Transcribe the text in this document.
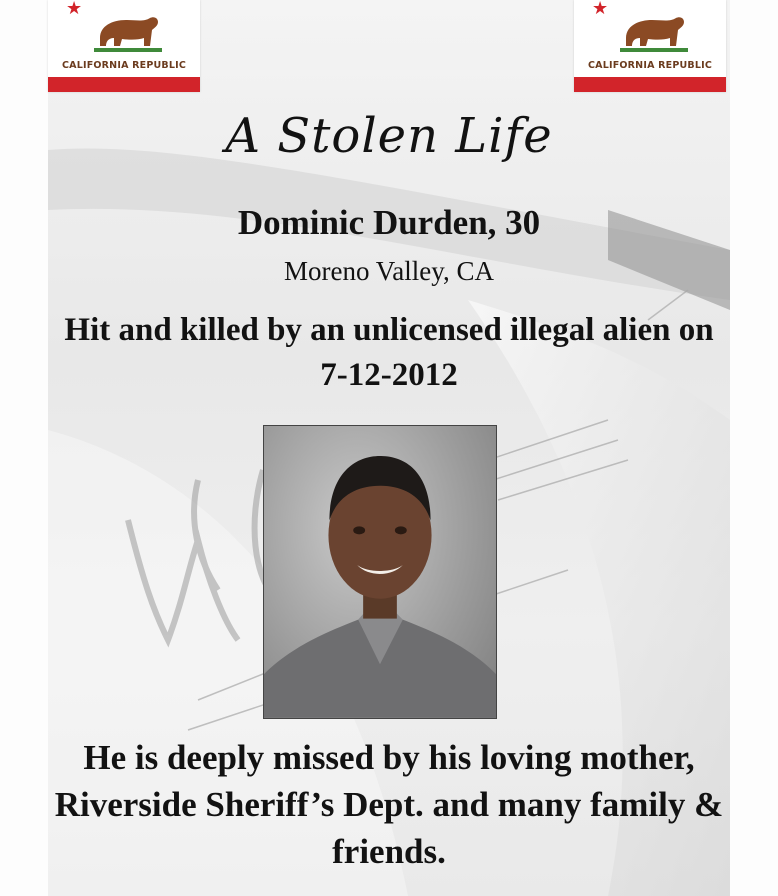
★
CALIFORNIA REPUBLIC
★
CALIFORNIA REPUBLIC
A Stolen Life
Dominic Durden, 30
Moreno Valley, CA
Hit and killed by an unlicensed illegal alien on 7-12-2012
He is deeply missed by his loving mother, Riverside Sheriff’s Dept. and many family & friends.
